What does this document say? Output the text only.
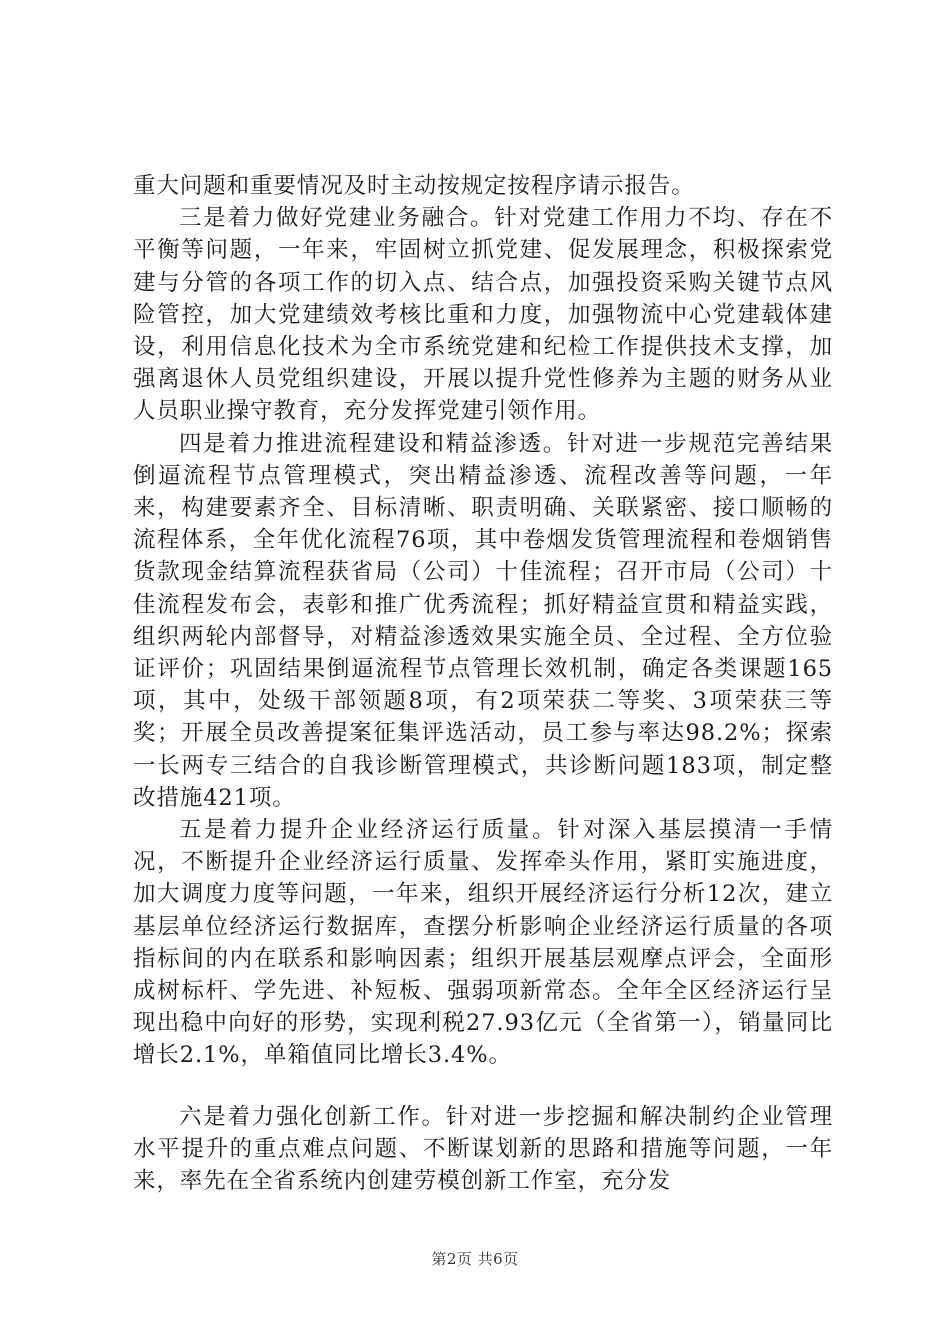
重大问题和重要情况及时主动按规定按程序请示报告。

三是着力做好党建业务融合。针对党建工作用力不均、存在不平衡等问题，一年来，牢固树立抓党建、促发展理念，积极探索党建与分管的各项工作的切入点、结合点，加强投资采购关键节点风险管控，加大党建绩效考核比重和力度，加强物流中心党建载体建设，利用信息化技术为全市系统党建和纪检工作提供技术支撑，加强离退休人员党组织建设，开展以提升党性修养为主题的财务从业人员职业操守教育，充分发挥党建引领作用。

四是着力推进流程建设和精益渗透。针对进一步规范完善结果倒逼流程节点管理模式，突出精益渗透、流程改善等问题，一年来，构建要素齐全、目标清晰、职责明确、关联紧密、接口顺畅的流程体系，全年优化流程76项，其中卷烟发货管理流程和卷烟销售货款现金结算流程获省局（公司）十佳流程；召开市局（公司）十佳流程发布会，表彰和推广优秀流程；抓好精益宣贯和精益实践，组织两轮内部督导，对精益渗透效果实施全员、全过程、全方位验证评价；巩固结果倒逼流程节点管理长效机制，确定各类课题165项，其中，处级干部领题8项，有2项荣获二等奖、3项荣获三等奖；开展全员改善提案征集评选活动，员工参与率达98.2%；探索一长两专三结合的自我诊断管理模式，共诊断问题183项，制定整改措施421项。

五是着力提升企业经济运行质量。针对深入基层摸清一手情况，不断提升企业经济运行质量、发挥牵头作用，紧盯实施进度，加大调度力度等问题，一年来，组织开展经济运行分析12次，建立基层单位经济运行数据库，查摆分析影响企业经济运行质量的各项指标间的内在联系和影响因素；组织开展基层观摩点评会，全面形成树标杆、学先进、补短板、强弱项新常态。全年全区经济运行呈现出稳中向好的形势，实现利税27.93亿元（全省第一），销量同比增长2.1%，单箱值同比增长3.4%。

六是着力强化创新工作。针对进一步挖掘和解决制约企业管理水平提升的重点难点问题、不断谋划新的思路和措施等问题，一年来，率先在全省系统内创建劳模创新工作室，充分发

第2页 共6页
